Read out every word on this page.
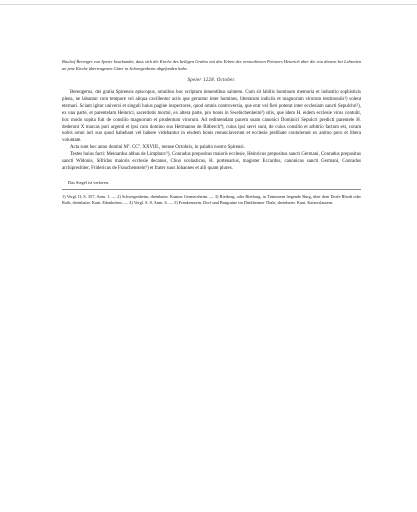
Bischof Berenger von Speier beurkundet, dass sich die Kirche des heiligen Grabes mit den Erben des verstorbenen Priesters Heinrich über die von diesem bei Lebzeiten an jene Kirche übertragenen Güter in Schwegenheim abgefunden habe.

Speier 1228. October.

Berengerus, dei gratia Spirensis episcopus, omnibus hoc scriptum intuentibus salutem. Cum sit labilis hominum memoria et industrio sophisticis plena, ne labantur cum tempore vel aliqua cavillentur actis que geruntur inter homines, litterarum indiciis et magnorum virorum testimoniis¹) solent eternari. Sciant igitur universi et singuli huius pagine inspectores, quod omnis controversia, que erat vel fieri poterat inter ecclesiam sancti Sepulchri²), ex una parte, et parentelam Heinrici, sacerdotis mortui, ex altera parte, pro bonis in Swebichenheim³) sitis, que idem H. eidem ecclesie virus contulit, hoc modo sopita fuit de consilio magnorum et prudentum virorum. Ad redimendam pacem suam canonici Dominici Sepulcri predicti parentele H. dederunt X marcas puri argenti et ipsi cum domino suo Hermanno de Ritberch⁴), cuius ipsi servi sunt, de cuius consilio et arbitrio factum est, coram nobis omni iuri suo quod habebant vel habere videbantur in eisdem bonis renunciaverunt et ecclesie prelibate contulerunt ex animo puro et libera voluntate.

Acta sunt hec anno domini Mº. CCº. XXVIII., mense Octobris, in palatio nostro Spirensi.

Testes huius facti: Meinardus abbas de Limpburc⁵), Conradus prepositus maioris ecclesie, Heinricus prepositus sancti Germani, Conradus prepositus sancti Widonis, Sifridus maioris ecclesie decanus, Chuo scolasticus, H. portenarius, magister Eccardus, canonicus sancti Germani, Conradus archipresbiter, Fridericus de Frauchenstein⁶) et frater suus Iohannes et alii quam plures.

Das Siegel ist verloren.

1) Vergl. II, S. 357, Anm. 1. — 2) Schwegenheim, rheinbaier. Kanton Germersheim. — 3) Rietberg, oder Rietburg, in Trümmern liegende Burg, über dem Dorfe Rhodt oder Roth, rheinbaier. Kant. Edenkoben. — 4) Vergl. S. 8, Anm. 6. — 5) Frankenstein, Dorf und Burgruine im Dürkheimer Thale, rheinbaier. Kant. Kaiserslautern.
